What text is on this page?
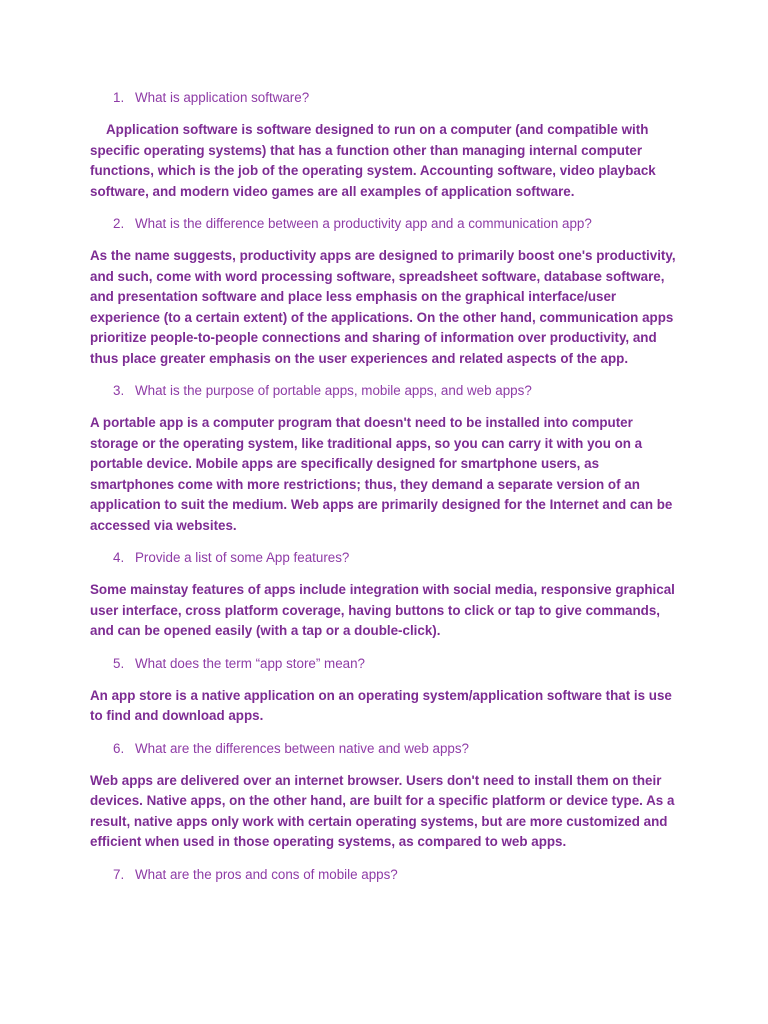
1. What is application software?

Application software is software designed to run on a computer (and compatible with specific operating systems) that has a function other than managing internal computer functions, which is the job of the operating system. Accounting software, video playback software, and modern video games are all examples of application software.

2. What is the difference between a productivity app and a communication app?

As the name suggests, productivity apps are designed to primarily boost one's productivity, and such, come with word processing software, spreadsheet software, database software, and presentation software and place less emphasis on the graphical interface/user experience (to a certain extent) of the applications. On the other hand, communication apps prioritize people-to-people connections and sharing of information over productivity, and thus place greater emphasis on the user experiences and related aspects of the app.

3. What is the purpose of portable apps, mobile apps, and web apps?

A portable app is a computer program that doesn't need to be installed into computer storage or the operating system, like traditional apps, so you can carry it with you on a portable device. Mobile apps are specifically designed for smartphone users, as smartphones come with more restrictions; thus, they demand a separate version of an application to suit the medium. Web apps are primarily designed for the Internet and can be accessed via websites.

4. Provide a list of some App features?

Some mainstay features of apps include integration with social media, responsive graphical user interface, cross platform coverage, having buttons to click or tap to give commands, and can be opened easily (with a tap or a double-click).

5. What does the term “app store” mean?

An app store is a native application on an operating system/application software that is use to find and download apps.

6. What are the differences between native and web apps?

Web apps are delivered over an internet browser. Users don't need to install them on their devices. Native apps, on the other hand, are built for a specific platform or device type. As a result, native apps only work with certain operating systems, but are more customized and efficient when used in those operating systems, as compared to web apps.

7. What are the pros and cons of mobile apps?
